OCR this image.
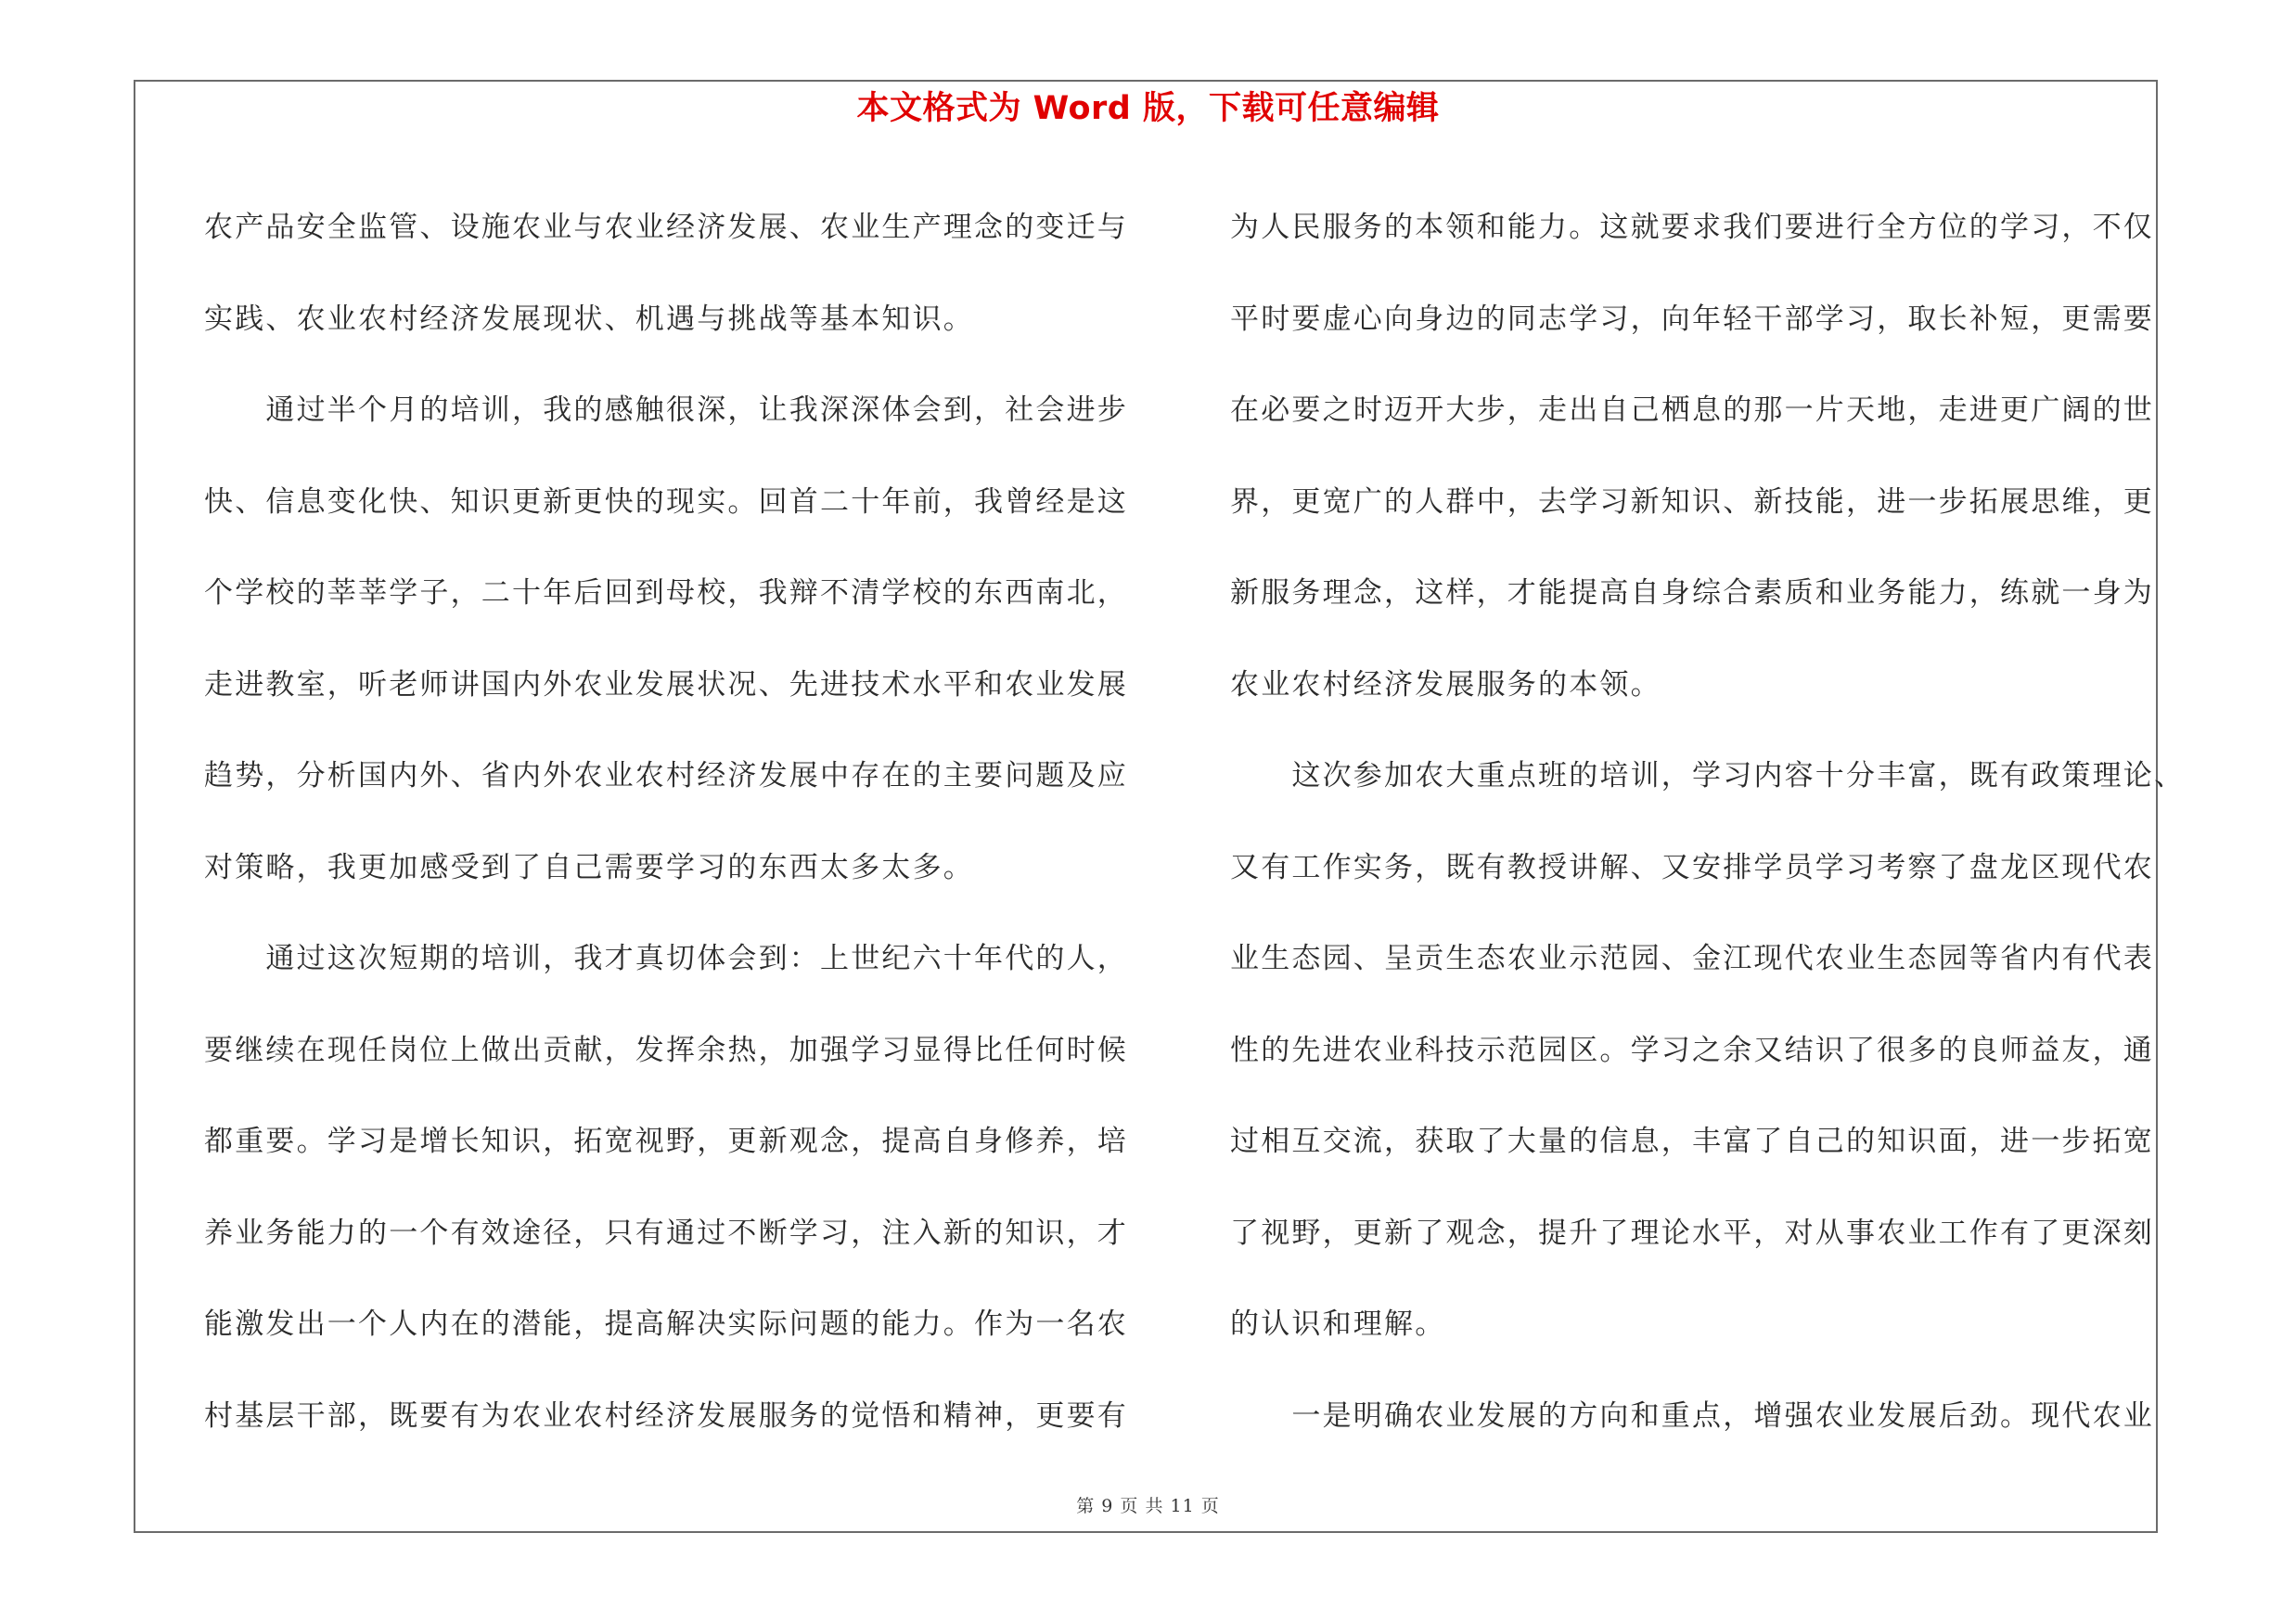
本文格式为 Word 版，下载可任意编辑
农产品安全监管、设施农业与农业经济发展、农业生产理念的变迁与
实践、农业农村经济发展现状、机遇与挑战等基本知识。
　　通过半个月的培训，我的感触很深，让我深深体会到，社会进步
快、信息变化快、知识更新更快的现实。回首二十年前，我曾经是这
个学校的莘莘学子，二十年后回到母校，我辩不清学校的东西南北，
走进教室，听老师讲国内外农业发展状况、先进技术水平和农业发展
趋势，分析国内外、省内外农业农村经济发展中存在的主要问题及应
对策略，我更加感受到了自己需要学习的东西太多太多。
　　通过这次短期的培训，我才真切体会到：上世纪六十年代的人，
要继续在现任岗位上做出贡献，发挥余热，加强学习显得比任何时候
都重要。学习是增长知识，拓宽视野，更新观念，提高自身修养，培
养业务能力的一个有效途径，只有通过不断学习，注入新的知识，才
能激发出一个人内在的潜能，提高解决实际问题的能力。作为一名农
村基层干部，既要有为农业农村经济发展服务的觉悟和精神，更要有
为人民服务的本领和能力。这就要求我们要进行全方位的学习，不仅
平时要虚心向身边的同志学习，向年轻干部学习，取长补短，更需要
在必要之时迈开大步，走出自己栖息的那一片天地，走进更广阔的世
界，更宽广的人群中，去学习新知识、新技能，进一步拓展思维，更
新服务理念，这样，才能提高自身综合素质和业务能力，练就一身为
农业农村经济发展服务的本领。
　　这次参加农大重点班的培训，学习内容十分丰富，既有政策理论、
又有工作实务，既有教授讲解、又安排学员学习考察了盘龙区现代农
业生态园、呈贡生态农业示范园、金江现代农业生态园等省内有代表
性的先进农业科技示范园区。学习之余又结识了很多的良师益友，通
过相互交流，获取了大量的信息，丰富了自己的知识面，进一步拓宽
了视野，更新了观念，提升了理论水平，对从事农业工作有了更深刻
的认识和理解。
　　一是明确农业发展的方向和重点，增强农业发展后劲。现代农业
第 9 页 共 11 页
